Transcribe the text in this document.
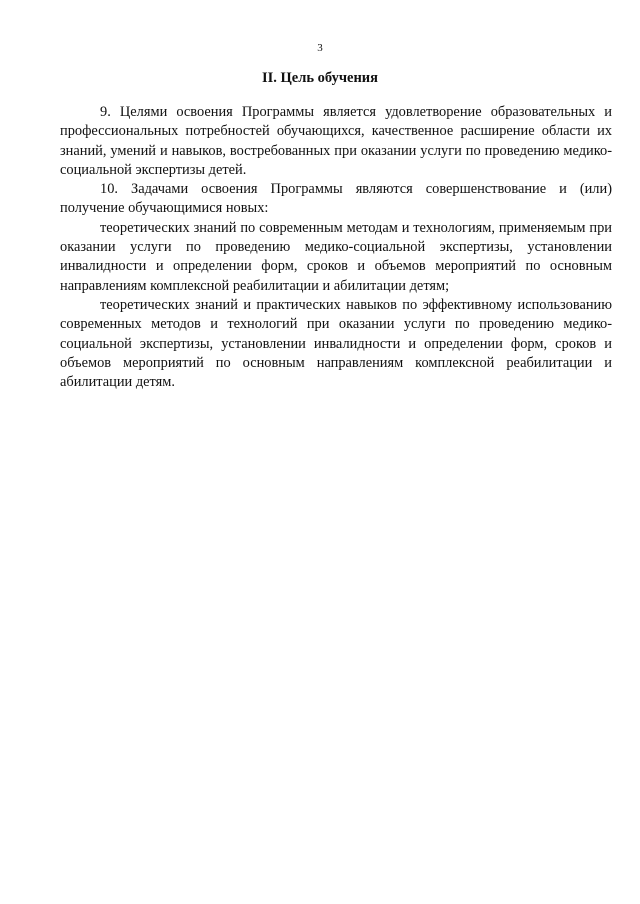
3
II. Цель обучения

9. Целями освоения Программы является удовлетворение образовательных и профессиональных потребностей обучающихся, качественное расширение области их знаний, умений и навыков, востребованных при оказании услуги по проведению медико-социальной экспертизы детей.

10. Задачами освоения Программы являются совершенствование и (или) получение обучающимися новых:

теоретических знаний по современным методам и технологиям, применяемым при оказании услуги по проведению медико-социальной экспертизы, установлении инвалидности и определении форм, сроков и объемов мероприятий по основным направлениям комплексной реабилитации и абилитации детям;

теоретических знаний и практических навыков по эффективному использованию современных методов и технологий при оказании услуги по проведению медико-социальной экспертизы, установлении инвалидности и определении форм, сроков и объемов мероприятий по основным направлениям комплексной реабилитации и абилитации детям.
